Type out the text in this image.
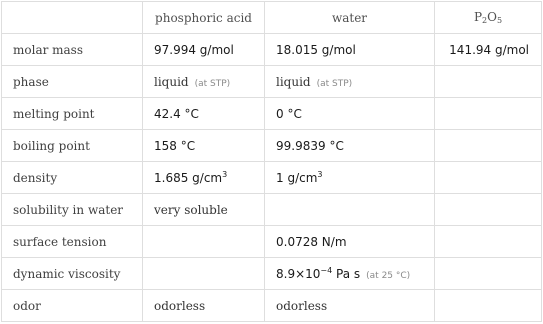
	phosphoric acid	water	$P_2O_5$
molar mass	97.994 g/mol	18.015 g/mol	141.94 g/mol
phase	liquid (at STP)	liquid (at STP)	
melting point	42.4 °C	0 °C	
boiling point	158 °C	99.9839 °C	
density	1.685 $g/cm^3$	1 $g/cm^3$	
solubility in water	very soluble		
surface tension		0.0728 N/m	
dynamic viscosity		$8.9\times 10^{-4}$ Pa s (at 25 °C)	
odor	odorless	odorless	
